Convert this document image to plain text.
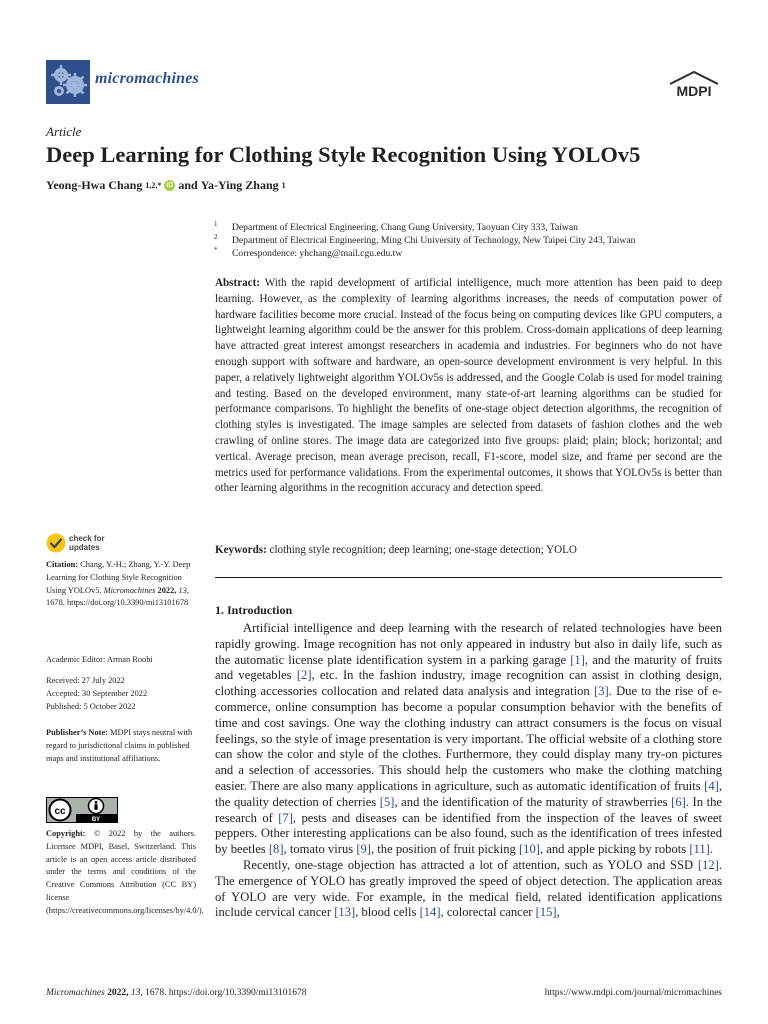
micromachines
MDPI
Article
Deep Learning for Clothing Style Recognition Using YOLOv5
Yeong-Hwa Chang 1,2,* iD and Ya-Ying Zhang 1
1	Department of Electrical Engineering, Chang Gung University, Taoyuan City 333, Taiwan
2	Department of Electrical Engineering, Ming Chi University of Technology, New Taipei City 243, Taiwan
*	Correspondence: yhchang@mail.cgu.edu.tw
Abstract: With the rapid development of artificial intelligence, much more attention has been paid to deep learning. However, as the complexity of learning algorithms increases, the needs of computation power of hardware facilities become more crucial. Instead of the focus being on computing devices like GPU computers, a lightweight learning algorithm could be the answer for this problem. Cross-domain applications of deep learning have attracted great interest amongst researchers in academia and industries. For beginners who do not have enough support with software and hardware, an open-source development environment is very helpful. In this paper, a relatively lightweight algorithm YOLOv5s is addressed, and the Google Colab is used for model training and testing. Based on the developed environment, many state-of-art learning algorithms can be studied for performance comparisons. To highlight the benefits of one-stage object detection algorithms, the recognition of clothing styles is investigated. The image samples are selected from datasets of fashion clothes and the web crawling of online stores. The image data are categorized into five groups: plaid; plain; block; horizontal; and vertical. Average precison, mean average precison, recall, F1-score, model size, and frame per second are the metrics used for performance validations. From the experimental outcomes, it shows that YOLOv5s is better than other learning algorithms in the recognition accuracy and detection speed.
Keywords: clothing style recognition; deep learning; one-stage detection; YOLO
check for
updates

Citation: Chang, Y.-H.; Zhang, Y.-Y. Deep Learning for Clothing Style Recognition Using YOLOv5. Micromachines 2022, 13, 1678. https://doi.org/10.3390/mi13101678

Academic Editor: Arman Roohi
Received: 27 July 2022
Accepted: 30 September 2022
Published: 5 October 2022

Publisher’s Note: MDPI stays neutral with regard to jurisdictional claims in published maps and institutional affiliations.

cc
BY

Copyright: © 2022 by the authors. Licensee MDPI, Basel, Switzerland. This article is an open access article distributed under the terms and conditions of the Creative Commons Attribution (CC BY) license (https://creativecommons.org/licenses/by/4.0/).

1. Introduction

Artificial intelligence and deep learning with the research of related technologies have been rapidly growing. Image recognition has not only appeared in industry but also in daily life, such as the automatic license plate identification system in a parking garage [1], and the maturity of fruits and vegetables [2], etc. In the fashion industry, image recognition can assist in clothing design, clothing accessories collocation and related data analysis and integration [3]. Due to the rise of e-commerce, online consumption has become a popular consumption behavior with the benefits of time and cost savings. One way the clothing industry can attract consumers is the focus on visual feelings, so the style of image presentation is very important. The official website of a clothing store can show the color and style of the clothes. Furthermore, they could display many try-on pictures and a selection of accessories. This should help the customers who make the clothing matching easier. There are also many applications in agriculture, such as automatic identification of fruits [4], the quality detection of cherries [5], and the identification of the maturity of strawberries [6]. In the research of [7], pests and diseases can be identified from the inspection of the leaves of sweet peppers. Other interesting applications can be also found, such as the identification of trees infested by beetles [8], tomato virus [9], the position of fruit picking [10], and apple picking by robots [11].

Recently, one-stage objection has attracted a lot of attention, such as YOLO and SSD [12]. The emergence of YOLO has greatly improved the speed of object detection. The application areas of YOLO are very wide. For example, in the medical field, related identification applications include cervical cancer [13], blood cells [14], colorectal cancer [15],

Micromachines 2022, 13, 1678. https://doi.org/10.3390/mi13101678	https://www.mdpi.com/journal/micromachines
